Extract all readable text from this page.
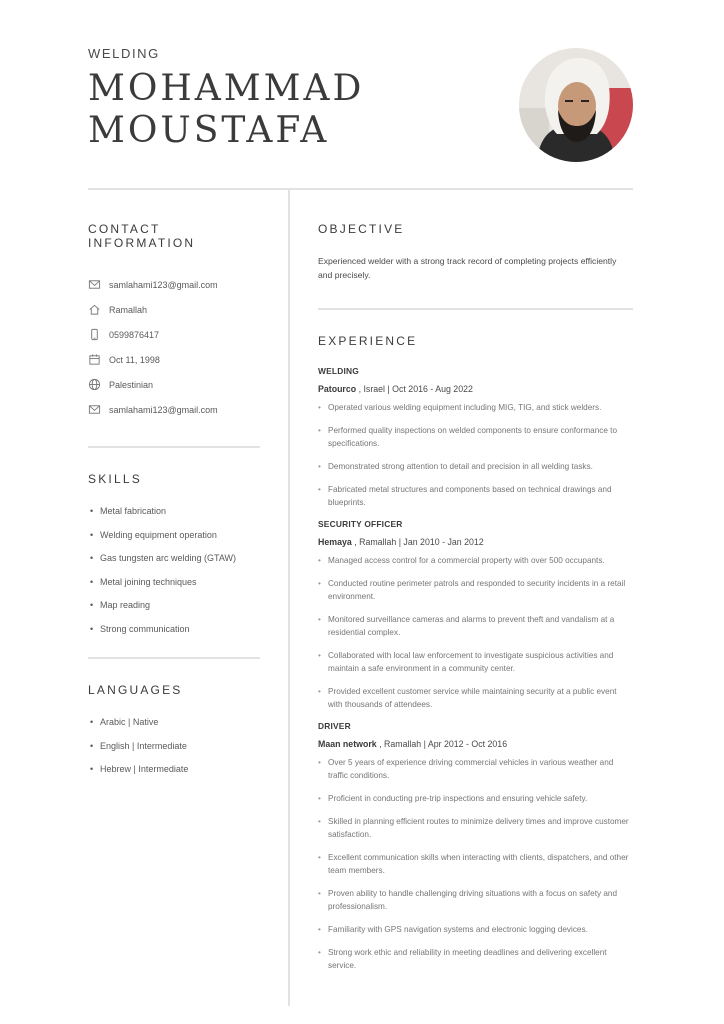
WELDING
MOHAMMAD
MOUSTAFA
CONTACT INFORMATION
samlahami123@gmail.com
Ramallah
0599876417
Oct 11, 1998
Palestinian
samlahami123@gmail.com
SKILLS
• Metal fabrication
• Welding equipment operation
• Gas tungsten arc welding (GTAW)
• Metal joining techniques
• Map reading
• Strong communication
LANGUAGES
• Arabic | Native
• English | Intermediate
• Hebrew | Intermediate
OBJECTIVE
Experienced welder with a strong track record of completing projects efficiently and precisely.
EXPERIENCE
WELDING
Patourco , Israel | Oct 2016 - Aug 2022
• Operated various welding equipment including MIG, TIG, and stick welders.
• Performed quality inspections on welded components to ensure conformance to specifications.
• Demonstrated strong attention to detail and precision in all welding tasks.
• Fabricated metal structures and components based on technical drawings and blueprints.
SECURITY OFFICER
Hemaya , Ramallah | Jan 2010 - Jan 2012
• Managed access control for a commercial property with over 500 occupants.
• Conducted routine perimeter patrols and responded to security incidents in a retail environment.
• Monitored surveillance cameras and alarms to prevent theft and vandalism at a residential complex.
• Collaborated with local law enforcement to investigate suspicious activities and maintain a safe environment in a community center.
• Provided excellent customer service while maintaining security at a public event with thousands of attendees.
DRIVER
Maan network , Ramallah | Apr 2012 - Oct 2016
• Over 5 years of experience driving commercial vehicles in various weather and traffic conditions.
• Proficient in conducting pre-trip inspections and ensuring vehicle safety.
• Skilled in planning efficient routes to minimize delivery times and improve customer satisfaction.
• Excellent communication skills when interacting with clients, dispatchers, and other team members.
• Proven ability to handle challenging driving situations with a focus on safety and professionalism.
• Familiarity with GPS navigation systems and electronic logging devices.
• Strong work ethic and reliability in meeting deadlines and delivering excellent service.
